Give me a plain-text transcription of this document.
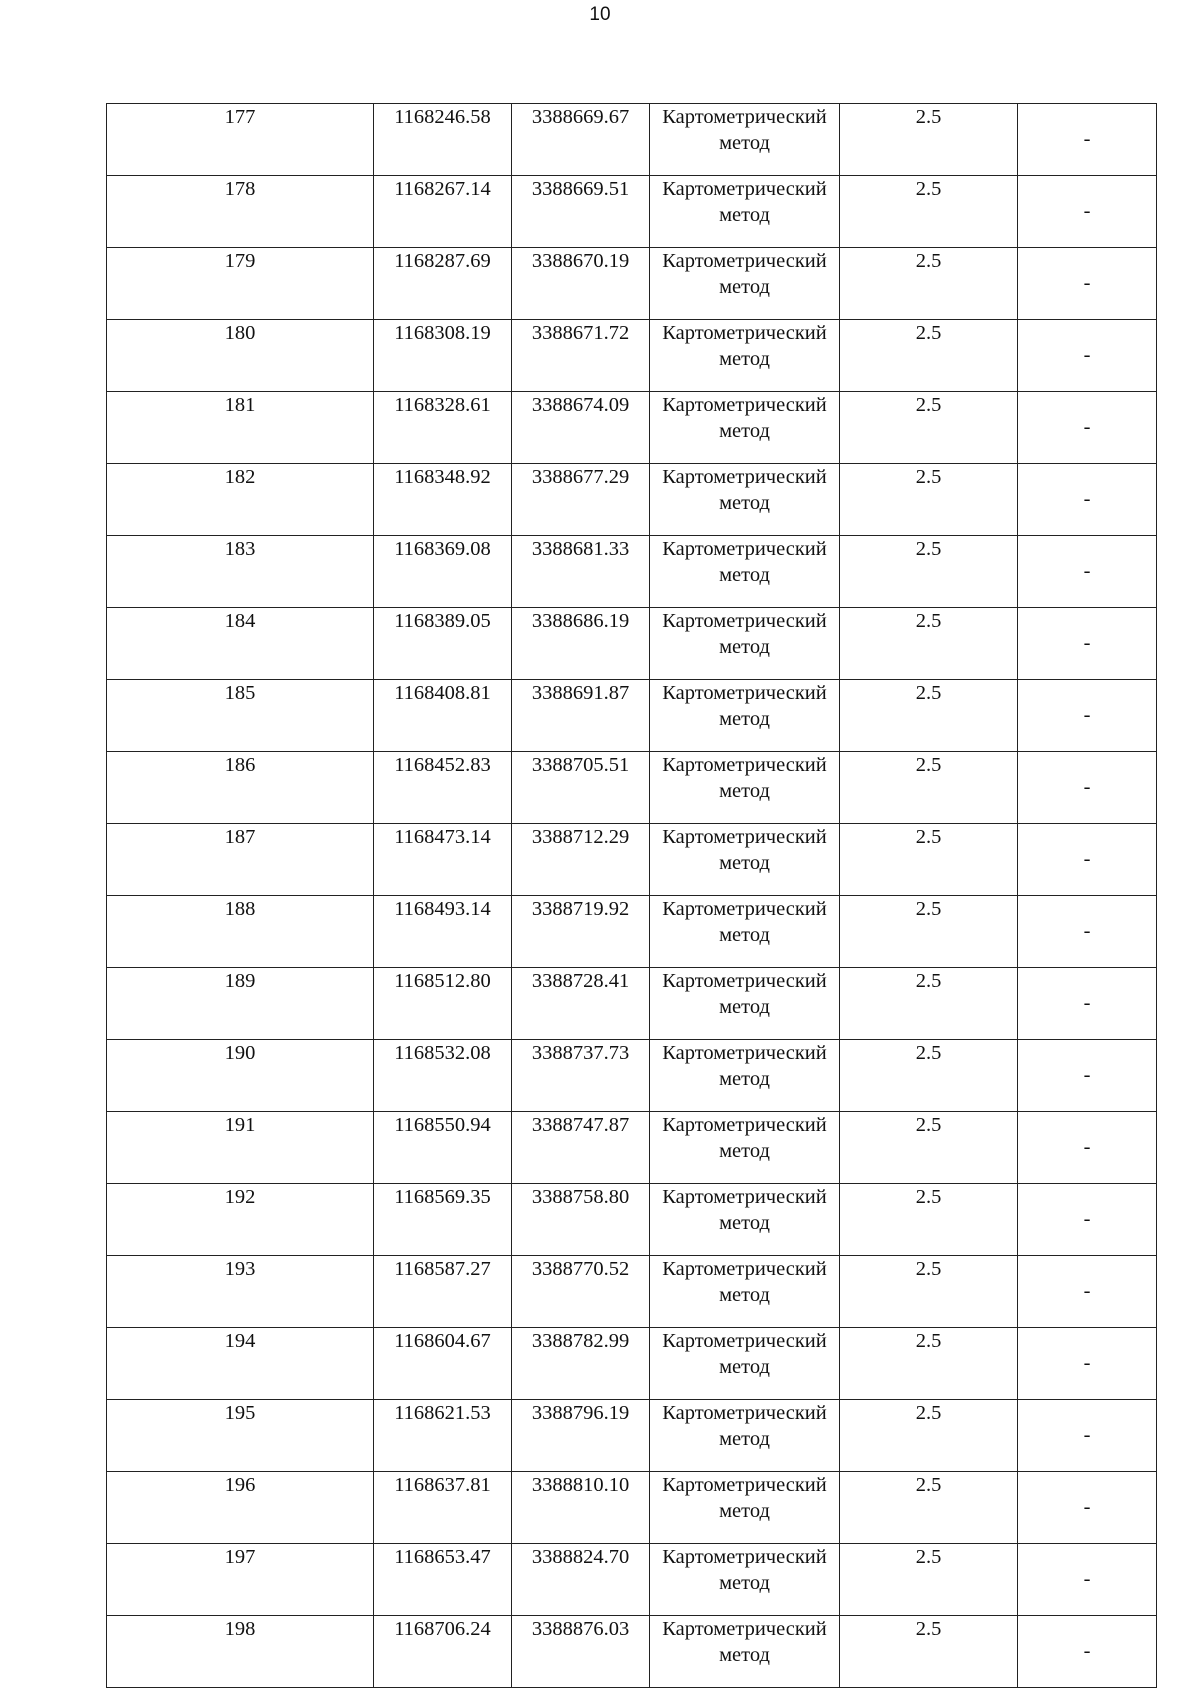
10
177	1168246.58	3388669.67	Картометрический
метод	2.5	-

178	1168267.14	3388669.51	Картометрический
метод	2.5	-

179	1168287.69	3388670.19	Картометрический
метод	2.5	-

180	1168308.19	3388671.72	Картометрический
метод	2.5	-

181	1168328.61	3388674.09	Картометрический
метод	2.5	-

182	1168348.92	3388677.29	Картометрический
метод	2.5	-

183	1168369.08	3388681.33	Картометрический
метод	2.5	-

184	1168389.05	3388686.19	Картометрический
метод	2.5	-

185	1168408.81	3388691.87	Картометрический
метод	2.5	-

186	1168452.83	3388705.51	Картометрический
метод	2.5	-

187	1168473.14	3388712.29	Картометрический
метод	2.5	-

188	1168493.14	3388719.92	Картометрический
метод	2.5	-

189	1168512.80	3388728.41	Картометрический
метод	2.5	-

190	1168532.08	3388737.73	Картометрический
метод	2.5	-

191	1168550.94	3388747.87	Картометрический
метод	2.5	-

192	1168569.35	3388758.80	Картометрический
метод	2.5	-

193	1168587.27	3388770.52	Картометрический
метод	2.5	-

194	1168604.67	3388782.99	Картометрический
метод	2.5	-

195	1168621.53	3388796.19	Картометрический
метод	2.5	-

196	1168637.81	3388810.10	Картометрический
метод	2.5	-

197	1168653.47	3388824.70	Картометрический
метод	2.5	-

198	1168706.24	3388876.03	Картометрический
метод	2.5	-
